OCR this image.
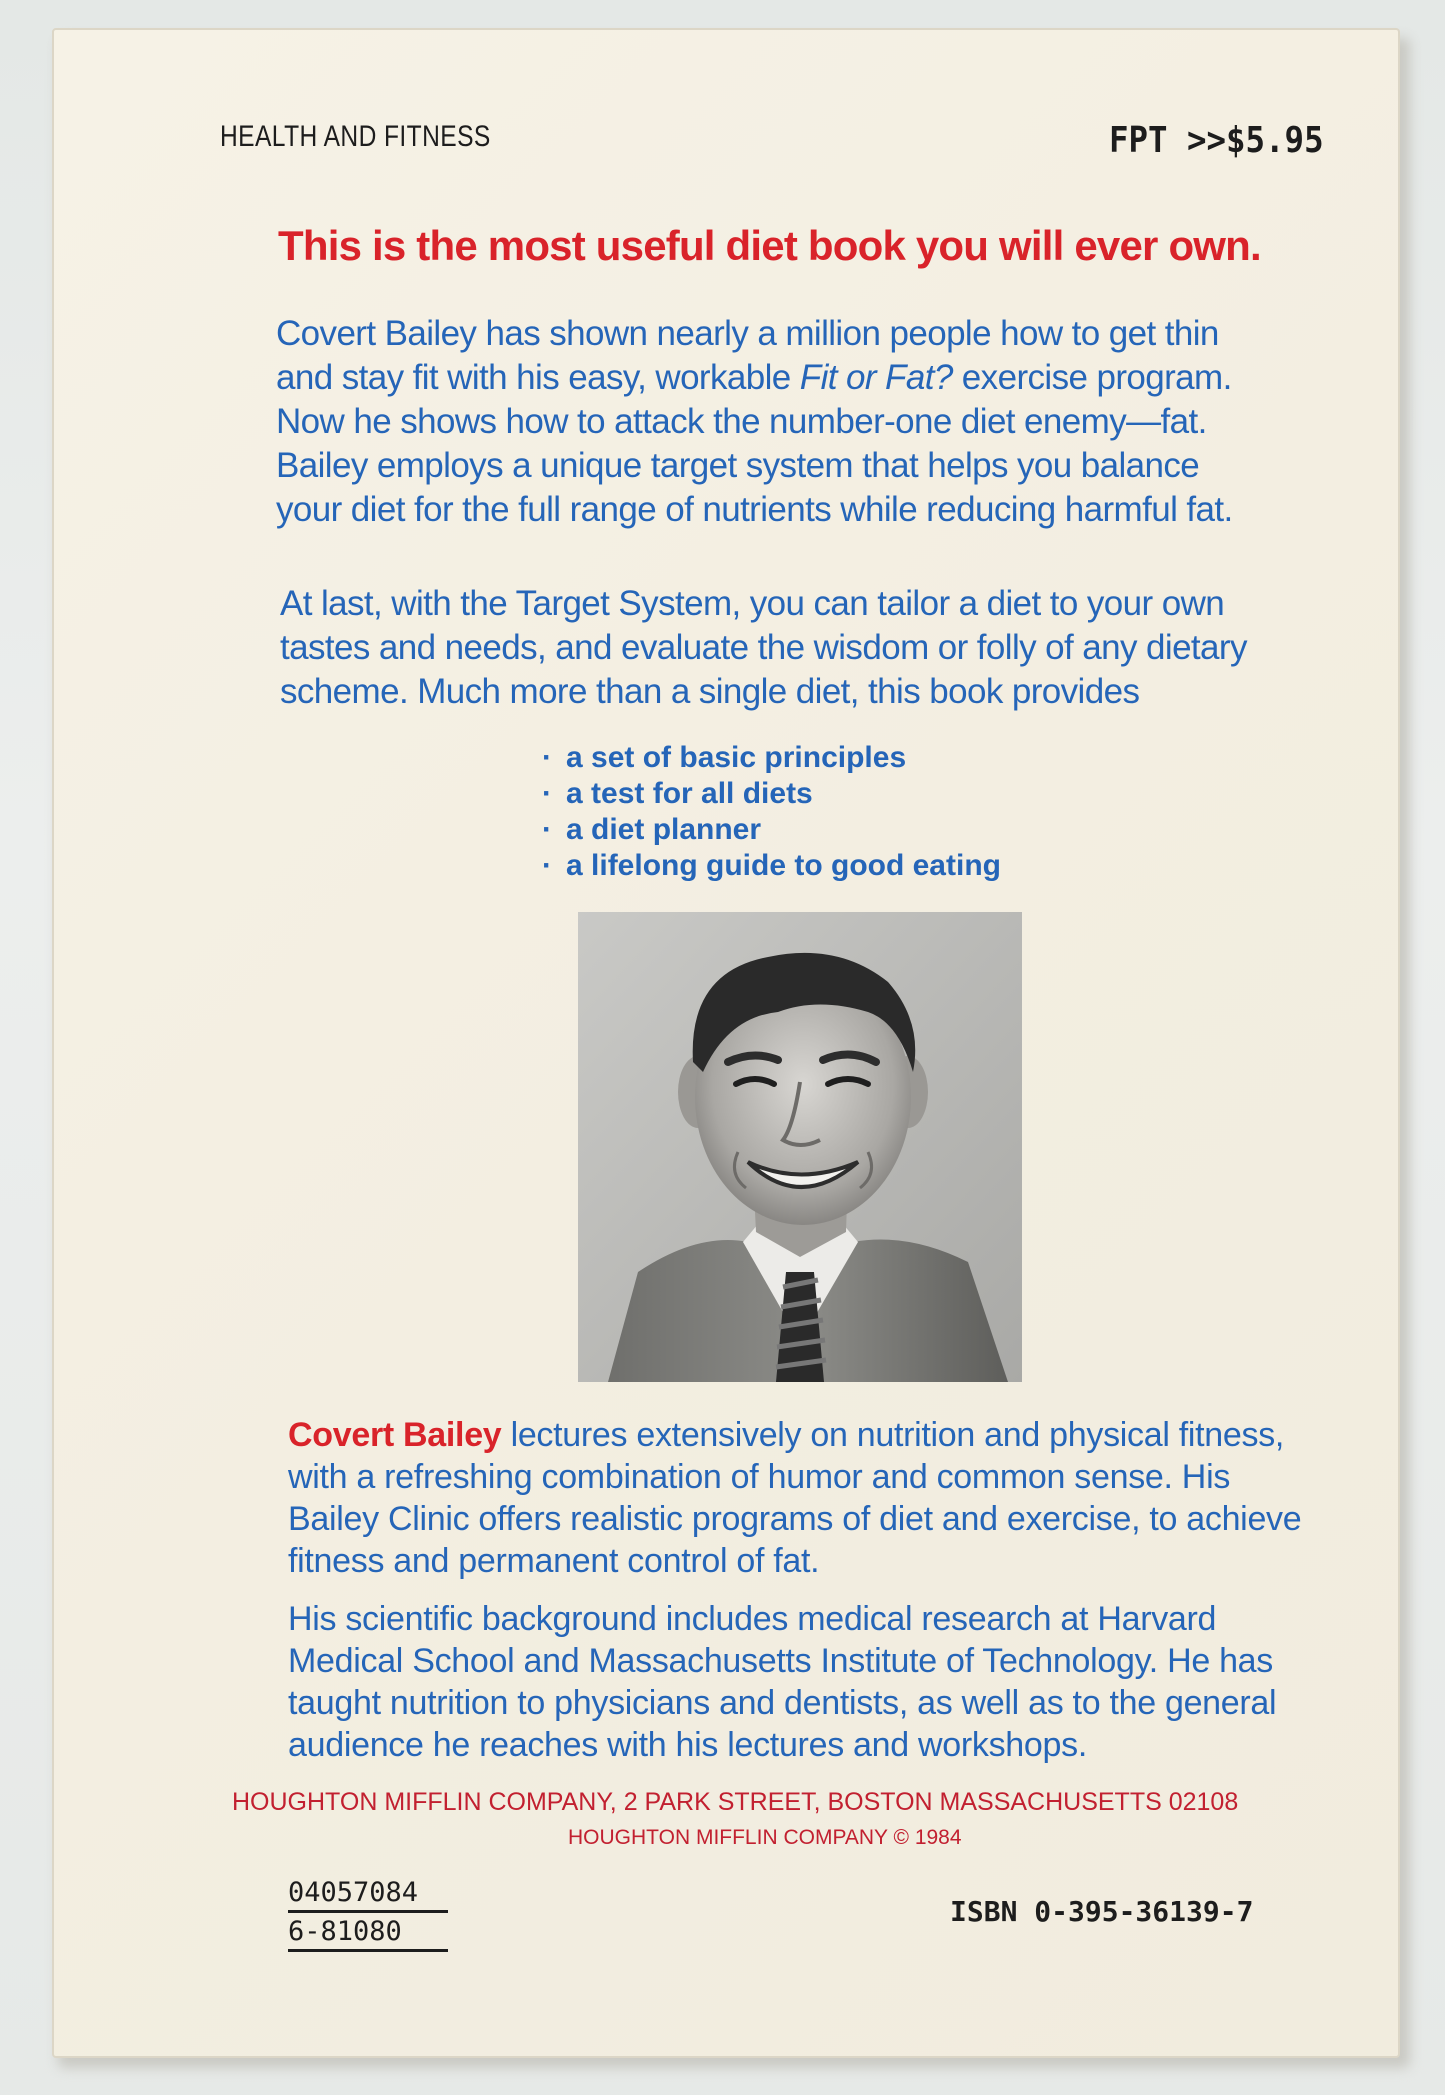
HEALTH AND FITNESS	FPT >>$5.95
This is the most useful diet book you will ever own.
Covert Bailey has shown nearly a million people how to get thin
and stay fit with his easy, workable Fit or Fat? exercise program.
Now he shows how to attack the number-one diet enemy—fat.
Bailey employs a unique target system that helps you balance
your diet for the full range of nutrients while reducing harmful fat.
At last, with the Target System, you can tailor a diet to your own
tastes and needs, and evaluate the wisdom or folly of any dietary
scheme. Much more than a single diet, this book provides
· a set of basic principles
· a test for all diets
· a diet planner
· a lifelong guide to good eating
Covert Bailey lectures extensively on nutrition and physical fitness, with a refreshing combination of humor and common sense. His Bailey Clinic offers realistic programs of diet and exercise, to achieve fitness and permanent control of fat.
His scientific background includes medical research at Harvard Medical School and Massachusetts Institute of Technology. He has taught nutrition to physicians and dentists, as well as to the general audience he reaches with his lectures and workshops.
HOUGHTON MIFFLIN COMPANY, 2 PARK STREET, BOSTON MASSACHUSETTS 02108
HOUGHTON MIFFLIN COMPANY © 1984
04057084
6-81080
ISBN 0-395-36139-7
